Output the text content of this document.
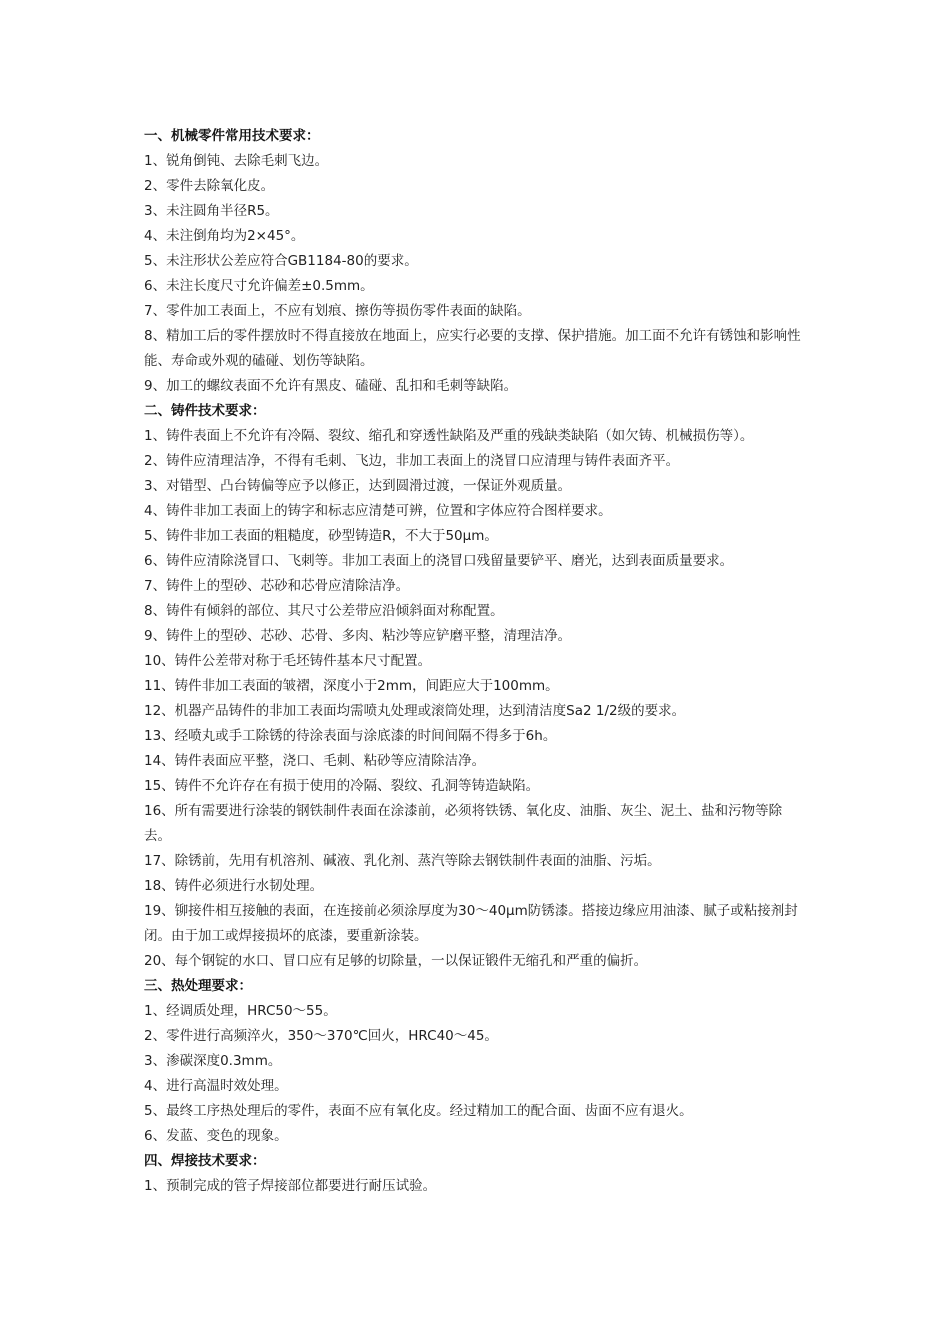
一、机械零件常用技术要求：

1、锐角倒钝、去除毛刺飞边。

2、零件去除氧化皮。

3、未注圆角半径R5。

4、未注倒角均为2×45°。

5、未注形状公差应符合GB1184-80的要求。

6、未注长度尺寸允许偏差±0.5mm。

7、零件加工表面上，不应有划痕、擦伤等损伤零件表面的缺陷。

8、精加工后的零件摆放时不得直接放在地面上，应实行必要的支撑、保护措施。加工面不允许有锈蚀和影响性能、寿命或外观的磕碰、划伤等缺陷。

9、加工的螺纹表面不允许有黑皮、磕碰、乱扣和毛刺等缺陷。

二、铸件技术要求：

1、铸件表面上不允许有冷隔、裂纹、缩孔和穿透性缺陷及严重的残缺类缺陷（如欠铸、机械损伤等）。

2、铸件应清理洁净，不得有毛刺、飞边，非加工表面上的浇冒口应清理与铸件表面齐平。

3、对错型、凸台铸偏等应予以修正，达到圆滑过渡，一保证外观质量。

4、铸件非加工表面上的铸字和标志应清楚可辨，位置和字体应符合图样要求。

5、铸件非加工表面的粗糙度，砂型铸造R，不大于50μm。

6、铸件应清除浇冒口、飞刺等。非加工表面上的浇冒口残留量要铲平、磨光，达到表面质量要求。

7、铸件上的型砂、芯砂和芯骨应清除洁净。

8、铸件有倾斜的部位、其尺寸公差带应沿倾斜面对称配置。

9、铸件上的型砂、芯砂、芯骨、多肉、粘沙等应铲磨平整，清理洁净。

10、铸件公差带对称于毛坯铸件基本尺寸配置。

11、铸件非加工表面的皱褶，深度小于2mm，间距应大于100mm。

12、机器产品铸件的非加工表面均需喷丸处理或滚筒处理，达到清洁度Sa2 1/2级的要求。

13、经喷丸或手工除锈的待涂表面与涂底漆的时间间隔不得多于6h。

14、铸件表面应平整，浇口、毛刺、粘砂等应清除洁净。

15、铸件不允许存在有损于使用的冷隔、裂纹、孔洞等铸造缺陷。

16、所有需要进行涂装的钢铁制件表面在涂漆前，必须将铁锈、氧化皮、油脂、灰尘、泥土、盐和污物等除去。

17、除锈前，先用有机溶剂、碱液、乳化剂、蒸汽等除去钢铁制件表面的油脂、污垢。

18、铸件必须进行水韧处理。

19、铆接件相互接触的表面，在连接前必须涂厚度为30～40μm防锈漆。搭接边缘应用油漆、腻子或粘接剂封闭。由于加工或焊接损坏的底漆，要重新涂装。

20、每个钢锭的水口、冒口应有足够的切除量，一以保证锻件无缩孔和严重的偏折。

三、热处理要求：

1、经调质处理，HRC50～55。

2、零件进行高频淬火，350～370℃回火，HRC40～45。

3、渗碳深度0.3mm。

4、进行高温时效处理。

5、最终工序热处理后的零件，表面不应有氧化皮。经过精加工的配合面、齿面不应有退火。

6、发蓝、变色的现象。

四、焊接技术要求：

1、预制完成的管子焊接部位都要进行耐压试验。
